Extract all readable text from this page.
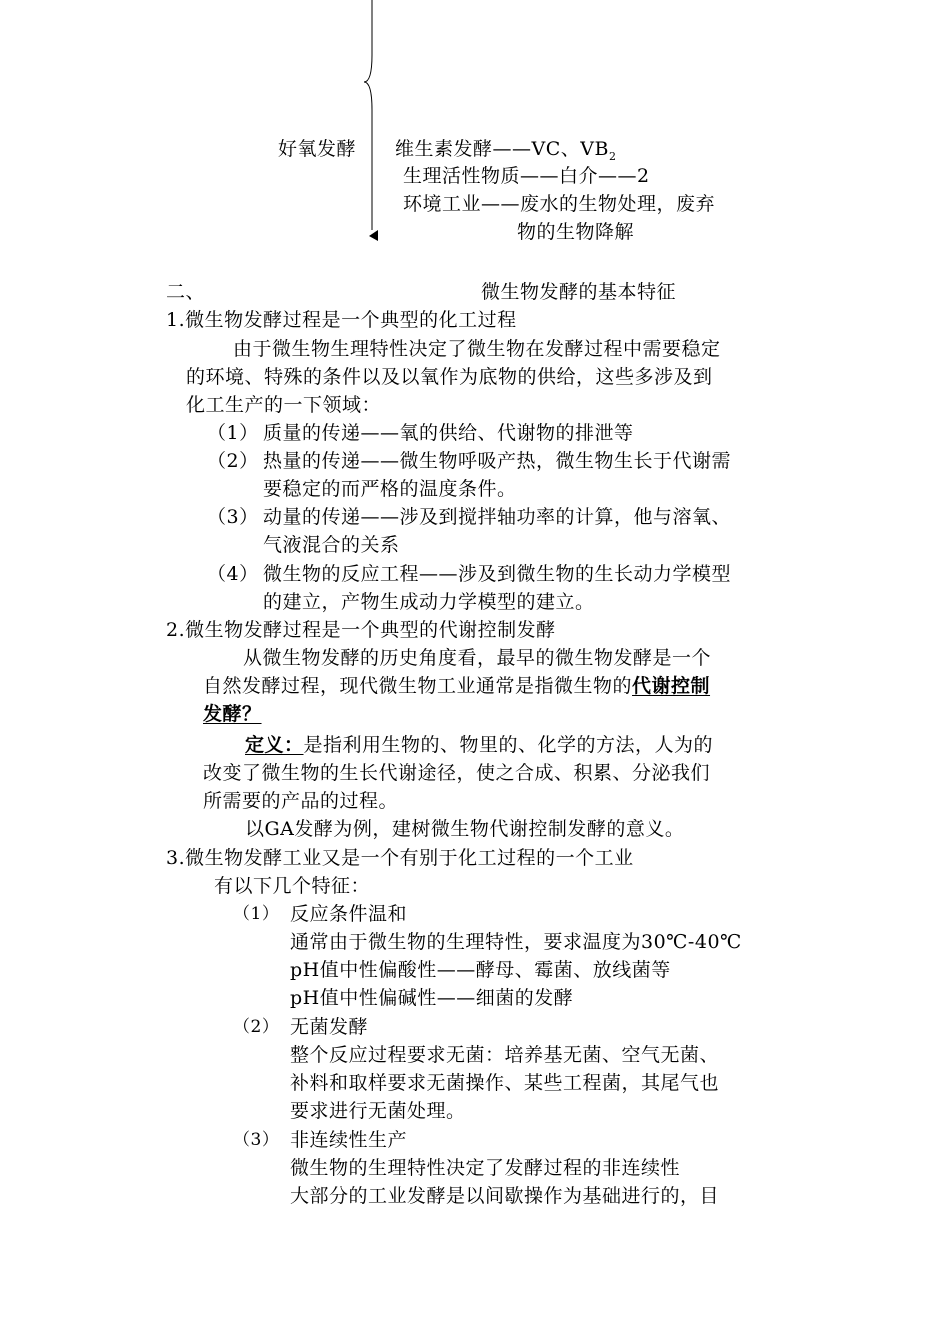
好氧发酵 维生素发酵——VC、$VB_2$
生理活性物质——白介——2
环境工业——废水的生物处理，废弃
物的生物降解
二、	微生物发酵的基本特征
1.微生物发酵过程是一个典型的化工过程
由于微生物生理特性决定了微生物在发酵过程中需要稳定
的环境、特殊的条件以及以氧作为底物的供给，这些多涉及到
化工生产的一下领域：
（1） 质量的传递——氧的供给、代谢物的排泄等
（2） 热量的传递——微生物呼吸产热，微生物生长于代谢需
要稳定的而严格的温度条件。
（3） 动量的传递——涉及到搅拌轴功率的计算，他与溶氧、
气液混合的关系
（4） 微生物的反应工程——涉及到微生物的生长动力学模型
的建立，产物生成动力学模型的建立。
2.微生物发酵过程是一个典型的代谢控制发酵
从微生物发酵的历史角度看，最早的微生物发酵是一个
自然发酵过程，现代微生物工业通常是指微生物的代谢控制
发酵？
定义：是指利用生物的、物里的、化学的方法，人为的
改变了微生物的生长代谢途径，使之合成、积累、分泌我们
所需要的产品的过程。
以GA发酵为例，建树微生物代谢控制发酵的意义。
3.微生物发酵工业又是一个有别于化工过程的一个工业
有以下几个特征：
（1） 反应条件温和
通常由于微生物的生理特性，要求温度为30℃-40℃
pH值中性偏酸性——酵母、霉菌、放线菌等
pH值中性偏碱性——细菌的发酵
（2） 无菌发酵
整个反应过程要求无菌：培养基无菌、空气无菌、
补料和取样要求无菌操作、某些工程菌，其尾气也
要求进行无菌处理。
（3） 非连续性生产
微生物的生理特性决定了发酵过程的非连续性
大部分的工业发酵是以间歇操作为基础进行的，目
